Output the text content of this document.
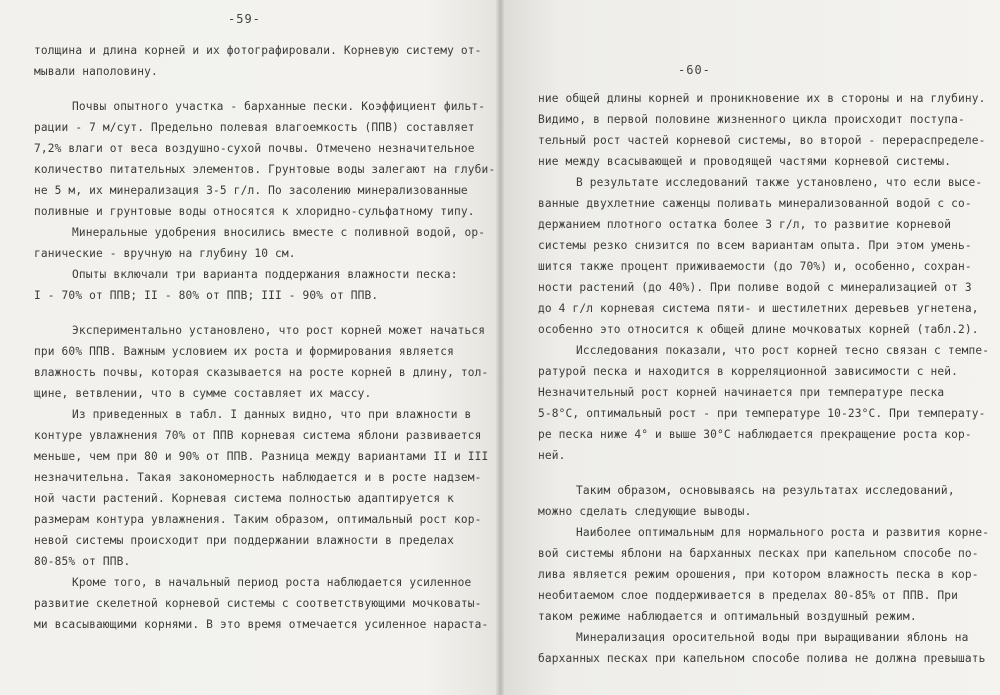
-59-
толщина и длина корней и их фотографировали. Корневую систему от-
мывали наполовину.
Почвы опытного участка - барханные пески. Коэффициент фильт-
рации - 7 м/сут. Предельно полевая влагоемкость (ППВ) составляет
7,2% влаги от веса воздушно-сухой почвы. Отмечено незначительное
количество питательных элементов. Грунтовые воды залегают на глуби-
не 5 м, их минерализация 3-5 г/л. По засолению минерализованные
поливные и грунтовые воды относятся к хлоридно-сульфатному типу.
Минеральные удобрения вносились вместе с поливной водой, ор-
ганические - вручную на глубину 10 см.
Опыты включали три варианта поддержания влажности песка:
I - 70% от ППВ; II - 80% от ППВ; III - 90% от ППВ.
Экспериментально установлено, что рост корней может начаться
при 60% ППВ. Важным условием их роста и формирования является
влажность почвы, которая сказывается на росте корней в длину, тол-
щине, ветвлении, что в сумме составляет их массу.
Из приведенных в табл. I данных видно, что при влажности в
контуре увлажнения 70% от ППВ корневая система яблони развивается
меньше, чем при 80 и 90% от ППВ. Разница между вариантами II и III
незначительна. Такая закономерность наблюдается и в росте надзем-
ной части растений. Корневая система полностью адаптируется к
размерам контура увлажнения. Таким образом, оптимальный рост кор-
невой системы происходит при поддержании влажности в пределах
80-85% от ППВ.
Кроме того, в начальный период роста наблюдается усиленное
развитие скелетной корневой системы с соответствующими мочковаты-
ми всасывающими корнями. В это время отмечается усиленное нараста-
-60-
ние общей длины корней и проникновение их в стороны и на глубину.
Видимо, в первой половине жизненного цикла происходит поступа-
тельный рост частей корневой системы, во второй - перераспределе-
ние между всасывающей и проводящей частями корневой системы.
В результате исследований также установлено, что если высе-
ванные двухлетние саженцы поливать минерализованной водой с со-
держанием плотного остатка более 3 г/л, то развитие корневой
системы резко снизится по всем вариантам опыта. При этом умень-
шится также процент приживаемости (до 70%) и, особенно, сохран-
ности растений (до 40%). При поливе водой с минерализацией от 3
до 4 г/л корневая система пяти- и шестилетних деревьев угнетена,
особенно это относится к общей длине мочковатых корней (табл.2).
Исследования показали, что рост корней тесно связан с темпе-
ратурой песка и находится в корреляционной зависимости с ней.
Незначительный рост корней начинается при температуре песка
5-8°С, оптимальный рост - при температуре 10-23°С. При температу-
ре песка ниже 4° и выше 30°С наблюдается прекращение роста кор-
ней.
Таким образом, основываясь на результатах исследований,
можно сделать следующие выводы.
Наиболее оптимальным для нормального роста и развития корне-
вой системы яблони на барханных песках при капельном способе по-
лива является режим орошения, при котором влажность песка в кор-
необитаемом слое поддерживается в пределах 80-85% от ППВ. При
таком режиме наблюдается и оптимальный воздушный режим.
Минерализация оросительной воды при выращивании яблонь на
барханных песках при капельном способе полива не должна превышать
